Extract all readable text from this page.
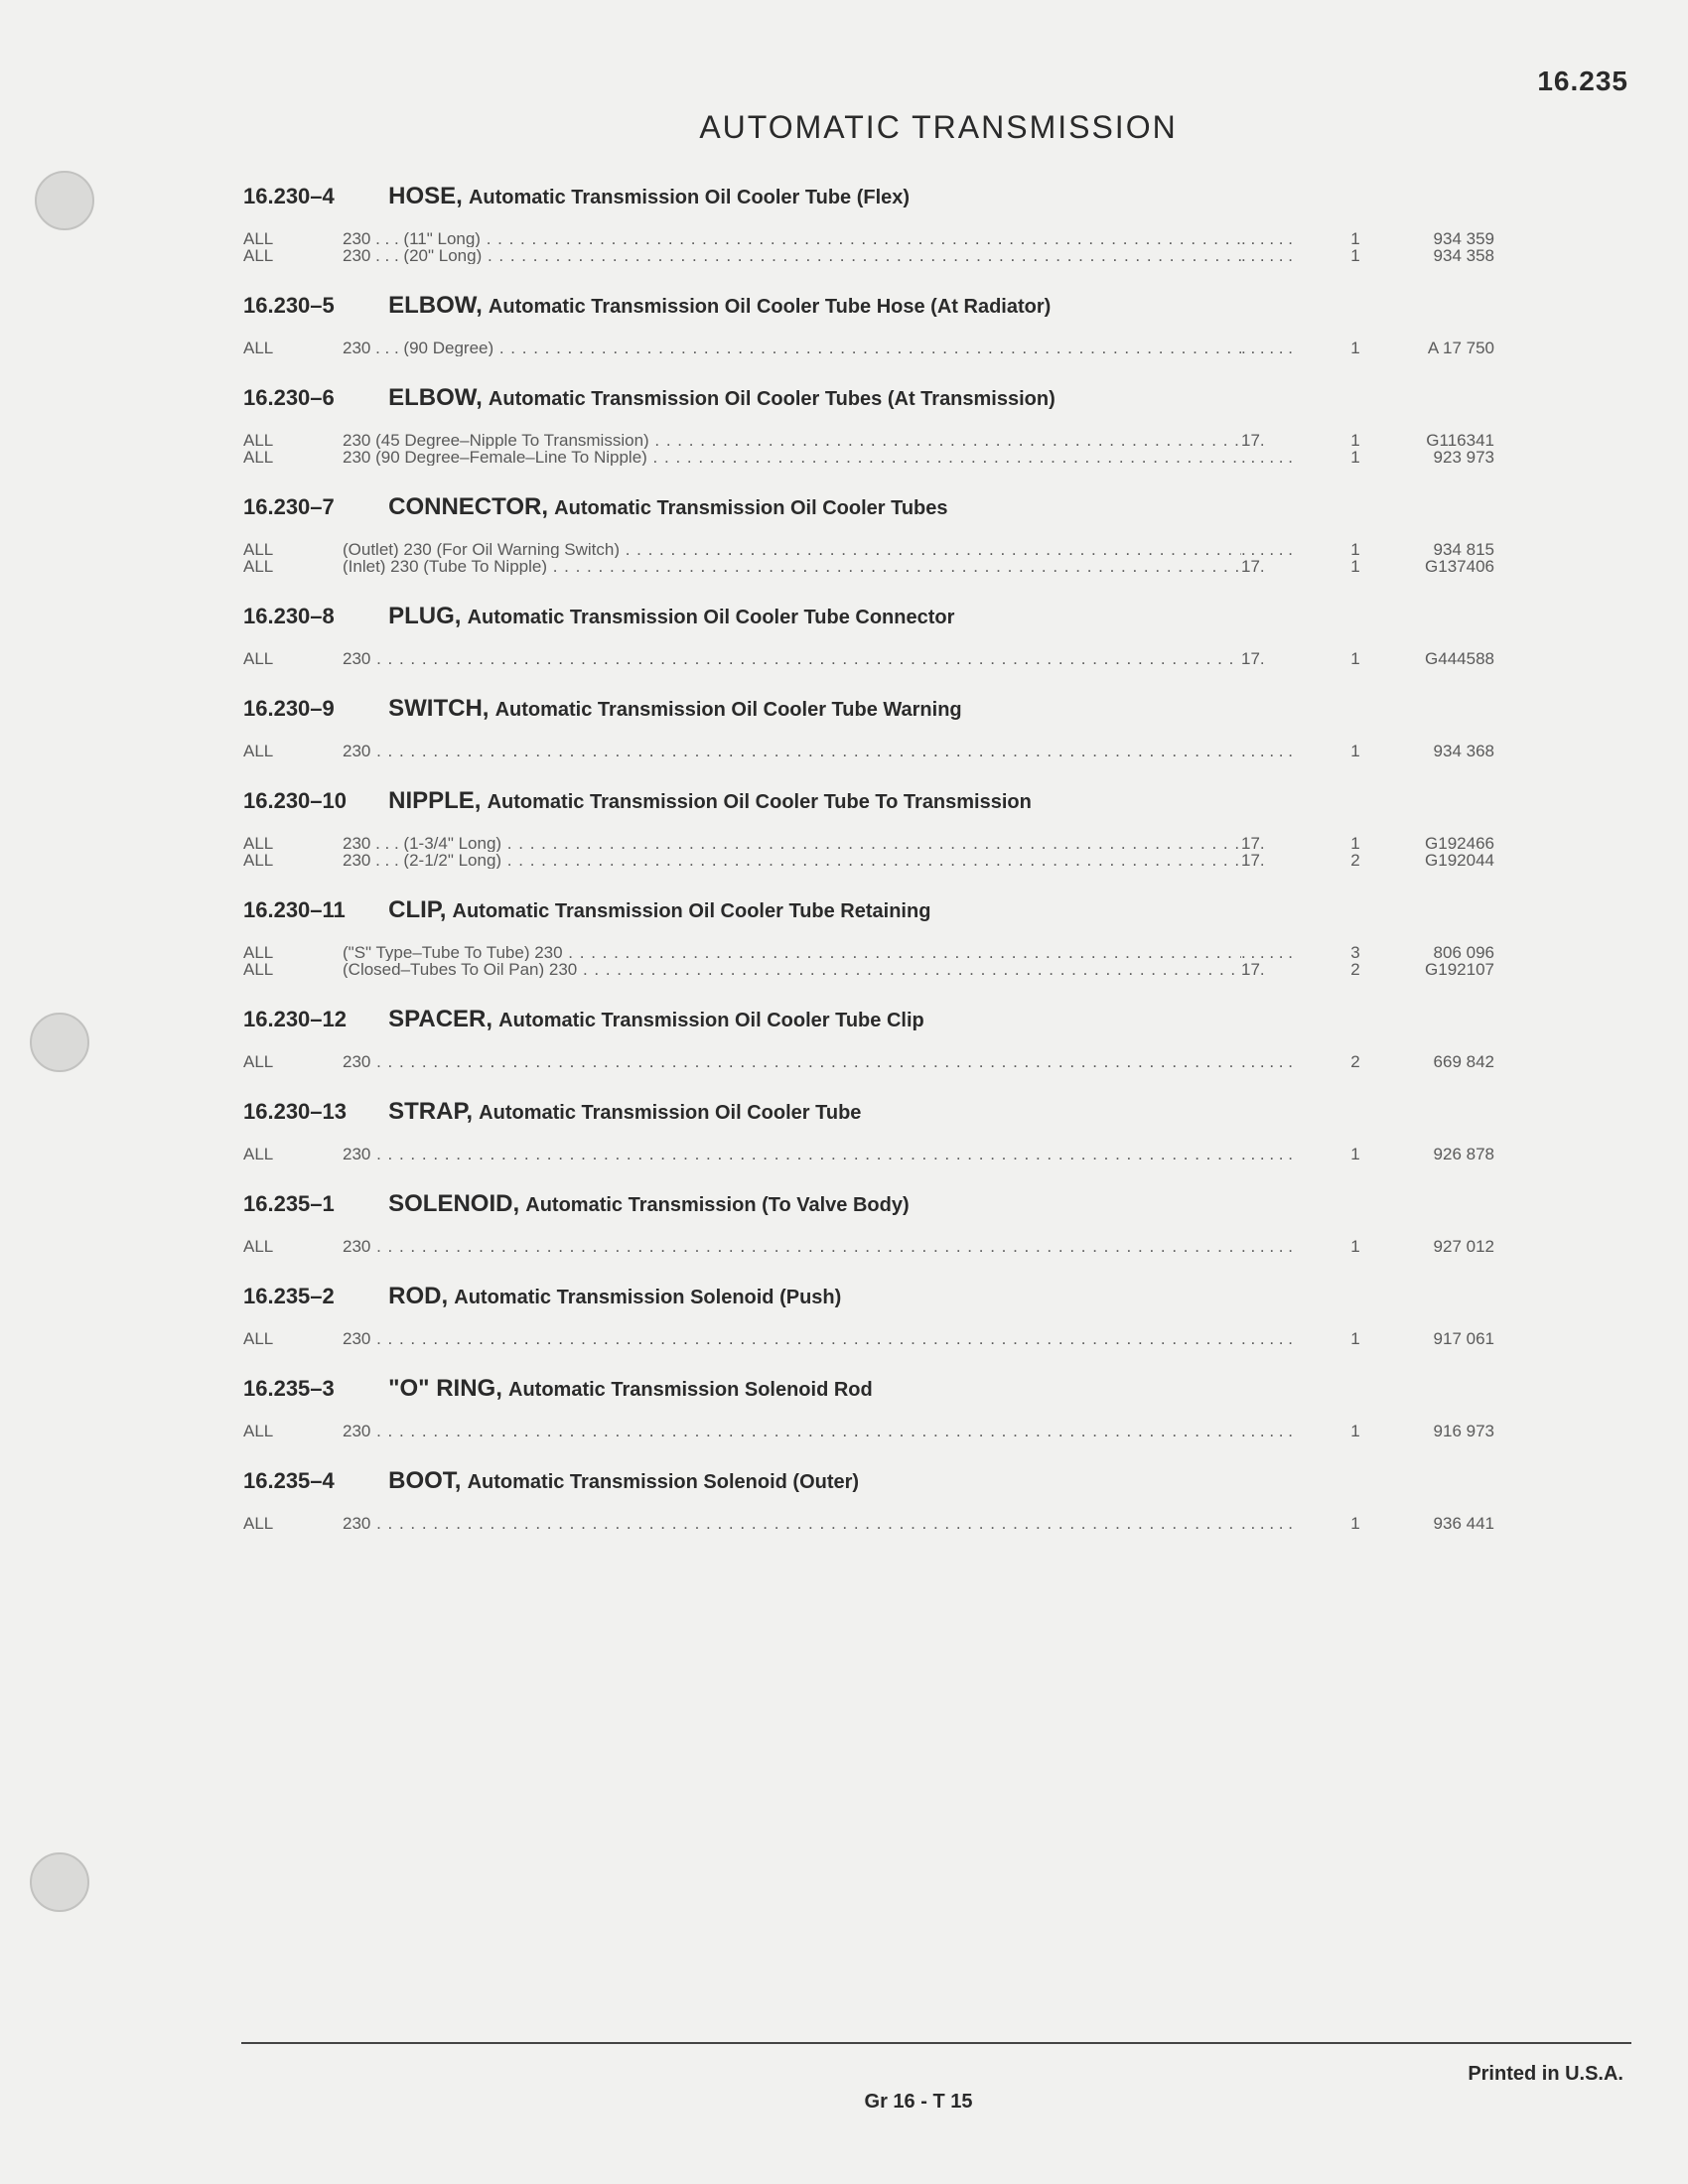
16.235
AUTOMATIC TRANSMISSION
16.230–4 HOSE, Automatic Transmission Oil Cooler Tube (Flex)
ALL	230 . . . (11" Long) . . . . . .	1	934 359
ALL	230 . . . (20" Long) . . . . . .	1	934 358
16.230–5 ELBOW, Automatic Transmission Oil Cooler Tube Hose (At Radiator)
ALL	230 . . . (90 Degree) . . . . . .	1	A 17 750
16.230–6 ELBOW, Automatic Transmission Oil Cooler Tubes (At Transmission)
ALL	230 (45 Degree–Nipple To Transmission) . . .	17.	1	G116341
ALL	230 (90 Degree–Female–Line To Nipple) . . . . . .	1	923 973
16.230–7 CONNECTOR, Automatic Transmission Oil Cooler Tubes
ALL	(Outlet) 230 (For Oil Warning Switch) . . . . . .	1	934 815
ALL	(Inlet) 230 (Tube To Nipple) . . .	17.	1	G137406
16.230–8 PLUG, Automatic Transmission Oil Cooler Tube Connector
ALL	230 . . .	17.	1	G444588
16.230–9 SWITCH, Automatic Transmission Oil Cooler Tube Warning
ALL	230 . . . . . .	1	934 368
16.230–10 NIPPLE, Automatic Transmission Oil Cooler Tube To Transmission
ALL	230 . . . (1-3/4" Long) . . .	17.	1	G192466
ALL	230 . . . (2-1/2" Long) . . .	17.	2	G192044
16.230–11 CLIP, Automatic Transmission Oil Cooler Tube Retaining
ALL	("S" Type–Tube To Tube) 230 . . . . . .	3	806 096
ALL	(Closed–Tubes To Oil Pan) 230 . . .	17.	2	G192107
16.230–12 SPACER, Automatic Transmission Oil Cooler Tube Clip
ALL	230 . . . . . .	2	669 842
16.230–13 STRAP, Automatic Transmission Oil Cooler Tube
ALL	230 . . . . . .	1	926 878
16.235–1 SOLENOID, Automatic Transmission (To Valve Body)
ALL	230 . . . . . .	1	927 012
16.235–2 ROD, Automatic Transmission Solenoid (Push)
ALL	230 . . . . . .	1	917 061
16.235–3 "O" RING, Automatic Transmission Solenoid Rod
ALL	230 . . . . . .	1	916 973
16.235–4 BOOT, Automatic Transmission Solenoid (Outer)
ALL	230 . . . . . .	1	936 441
Printed in U.S.A.
Gr 16 - T 15
